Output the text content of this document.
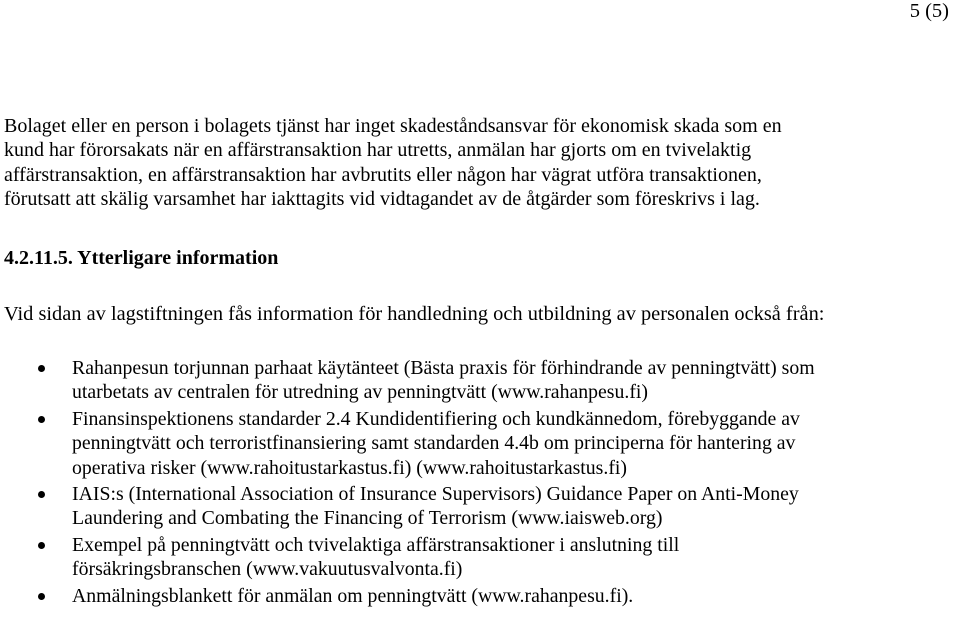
5 (5)

Bolaget eller en person i bolagets tjänst har inget skadeståndsansvar för ekonomisk skada som en
kund har förorsakats när en affärstransaktion har utretts, anmälan har gjorts om en tvivelaktig
affärstransaktion, en affärstransaktion har avbrutits eller någon har vägrat utföra transaktionen,
förutsatt att skälig varsamhet har iakttagits vid vidtagandet av de åtgärder som föreskrivs i lag.

4.2.11.5. Ytterligare information

Vid sidan av lagstiftningen fås information för handledning och utbildning av personalen också från:

Rahanpesun torjunnan parhaat käytänteet (Bästa praxis för förhindrande av penningtvätt) som
utarbetats av centralen för utredning av penningtvätt (www.rahanpesu.fi)
Finansinspektionens standarder 2.4 Kundidentifiering och kundkännedom, förebyggande av
penningtvätt och terroristfinansiering samt standarden 4.4b om principerna för hantering av
operativa risker (www.rahoitustarkastus.fi) (www.rahoitustarkastus.fi)
IAIS:s (International Association of Insurance Supervisors) Guidance Paper on Anti-Money
Laundering and Combating the Financing of Terrorism (www.iaisweb.org)
Exempel på penningtvätt och tvivelaktiga affärstransaktioner i anslutning till
försäkringsbranschen (www.vakuutusvalvonta.fi)
Anmälningsblankett för anmälan om penningtvätt (www.rahanpesu.fi).
